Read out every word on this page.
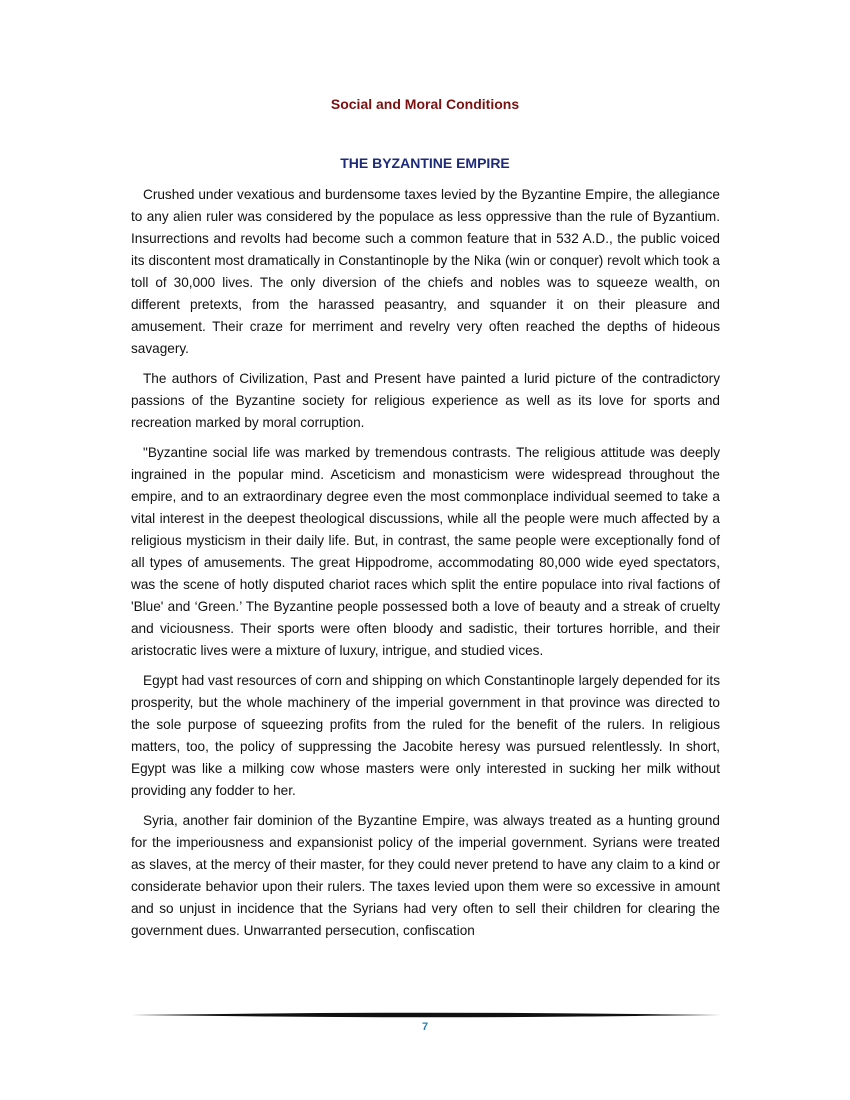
Social and Moral Conditions
THE BYZANTINE EMPIRE

Crushed under vexatious and burdensome taxes levied by the Byzantine Empire, the allegiance to any alien ruler was considered by the populace as less oppressive than the rule of Byzantium. Insurrections and revolts had become such a common feature that in 532 A.D., the public voiced its discontent most dramatically in Constantinople by the Nika (win or conquer) revolt which took a toll of 30,000 lives. The only diversion of the chiefs and nobles was to squeeze wealth, on different pretexts, from the harassed peasantry, and squander it on their pleasure and amusement. Their craze for merriment and revelry very often reached the depths of hideous savagery.

The authors of Civilization, Past and Present have painted a lurid picture of the contradictory passions of the Byzantine society for religious experience as well as its love for sports and recreation marked by moral corruption.

"Byzantine social life was marked by tremendous contrasts. The religious attitude was deeply ingrained in the popular mind. Asceticism and monasticism were widespread throughout the empire, and to an extraordinary degree even the most commonplace individual seemed to take a vital interest in the deepest theological discussions, while all the people were much affected by a religious mysticism in their daily life. But, in contrast, the same people were exceptionally fond of all types of amusements. The great Hippodrome, accommodating 80,000 wide eyed spectators, was the scene of hotly disputed chariot races which split the entire populace into rival factions of 'Blue' and ‘Green.’ The Byzantine people possessed both a love of beauty and a streak of cruelty and viciousness. Their sports were often bloody and sadistic, their tortures horrible, and their aristocratic lives were a mixture of luxury, intrigue, and studied vices.

Egypt had vast resources of corn and shipping on which Constantinople largely depended for its prosperity, but the whole machinery of the imperial government in that province was directed to the sole purpose of squeezing profits from the ruled for the benefit of the rulers. In religious matters, too, the policy of suppressing the Jacobite heresy was pursued relentlessly. In short, Egypt was like a milking cow whose masters were only interested in sucking her milk without providing any fodder to her.

Syria, another fair dominion of the Byzantine Empire, was always treated as a hunting ground for the imperiousness and expansionist policy of the imperial government. Syrians were treated as slaves, at the mercy of their master, for they could never pretend to have any claim to a kind or considerate behavior upon their rulers. The taxes levied upon them were so excessive in amount and so unjust in incidence that the Syrians had very often to sell their children for clearing the government dues. Unwarranted persecution, confiscation

7
